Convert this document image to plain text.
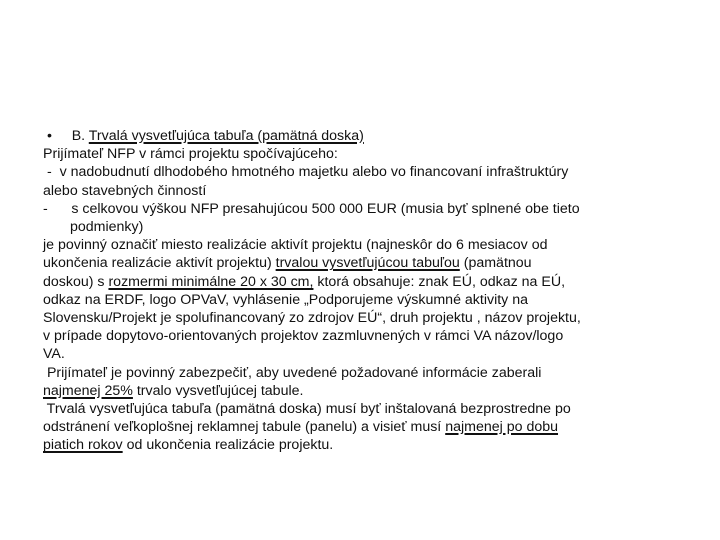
• B. Trvalá vysvetľujúca tabuľa (pamätná doska)
Prijímateľ NFP v rámci projektu spočívajúceho:
- v nadobudnutí dlhodobého hmotného majetku alebo vo financovaní infraštruktúry
alebo stavebných činností
- s celkovou výškou NFP presahujúcou 500 000 EUR (musia byť splnené obe tieto
podmienky)
je povinný označiť miesto realizácie aktivít projektu (najneskôr do 6 mesiacov od
ukončenia realizácie aktivít projektu) trvalou vysvetľujúcou tabuľou (pamätnou
doskou) s rozmermi minimálne 20 x 30 cm, ktorá obsahuje: znak EÚ, odkaz na EÚ,
odkaz na ERDF, logo OPVaV, vyhlásenie „Podporujeme výskumné aktivity na
Slovensku/Projekt je spolufinancovaný zo zdrojov EÚ“, druh projektu , názov projektu,
v prípade dopytovo-orientovaných projektov zazmluvnených v rámci VA názov/logo
VA.
Prijímateľ je povinný zabezpečiť, aby uvedené požadované informácie zaberali
najmenej 25% trvalo vysvetľujúcej tabule.
Trvalá vysvetľujúca tabuľa (pamätná doska) musí byť inštalovaná bezprostredne po
odstránení veľkoplošnej reklamnej tabule (panelu) a visieť musí najmenej po dobu
piatich rokov od ukončenia realizácie projektu.
